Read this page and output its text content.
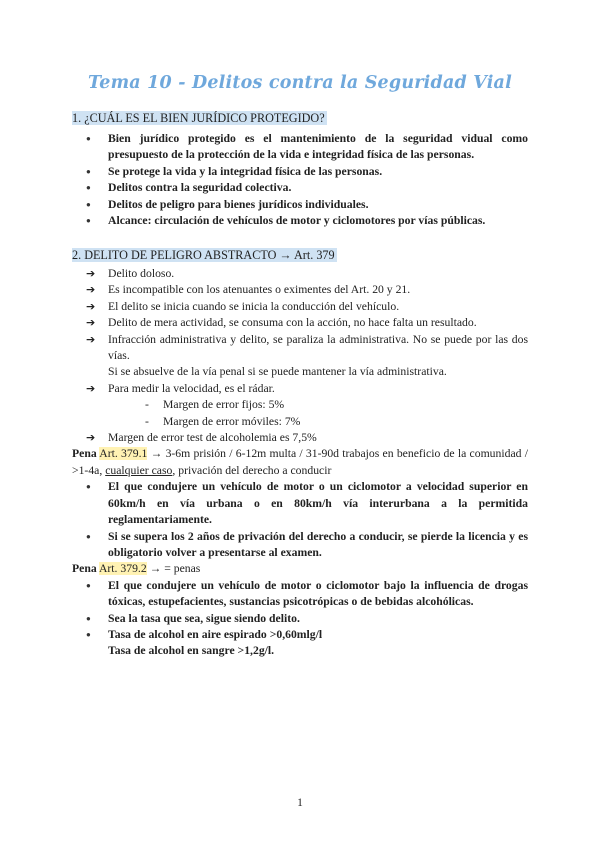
Tema 10 - Delitos contra la Seguridad Vial
1. ¿CUÁL ES EL BIEN JURÍDICO PROTEGIDO?
● Bien jurídico protegido es el mantenimiento de la seguridad vidual como presupuesto de la protección de la vida e integridad física de las personas.
● Se protege la vida y la integridad física de las personas.
● Delitos contra la seguridad colectiva.
● Delitos de peligro para bienes jurídicos individuales.
● Alcance: circulación de vehículos de motor y ciclomotores por vías públicas.
2. DELITO DE PELIGRO ABSTRACTO → Art. 379
➔ Delito doloso.
➔ Es incompatible con los atenuantes o eximentes del Art. 20 y 21.
➔ El delito se inicia cuando se inicia la conducción del vehículo.
➔ Delito de mera actividad, se consuma con la acción, no hace falta un resultado.
➔ Infracción administrativa y delito, se paraliza la administrativa. No se puede por las dos vías.
Si se absuelve de la vía penal si se puede mantener la vía administrativa.
➔ Para medir la velocidad, es el rádar.
- Margen de error fijos: 5%
- Margen de error móviles: 7%
➔ Margen de error test de alcoholemia es 7,5%
Pena Art. 379.1 → 3-6m prisión / 6-12m multa / 31-90d trabajos en beneficio de la comunidad / >1-4a, cualquier caso, privación del derecho a conducir
● El que condujere un vehículo de motor o un ciclomotor a velocidad superior en 60km/h en vía urbana o en 80km/h vía interurbana a la permitida reglamentariamente.
● Si se supera los 2 años de privación del derecho a conducir, se pierde la licencia y es obligatorio volver a presentarse al examen.
Pena Art. 379.2 → = penas
● El que condujere un vehículo de motor o ciclomotor bajo la influencia de drogas tóxicas, estupefacientes, sustancias psicotrópicas o de bebidas alcohólicas.
● Sea la tasa que sea, sigue siendo delito.
● Tasa de alcohol en aire espirado >0,60mlg/l
Tasa de alcohol en sangre >1,2g/l.
1
